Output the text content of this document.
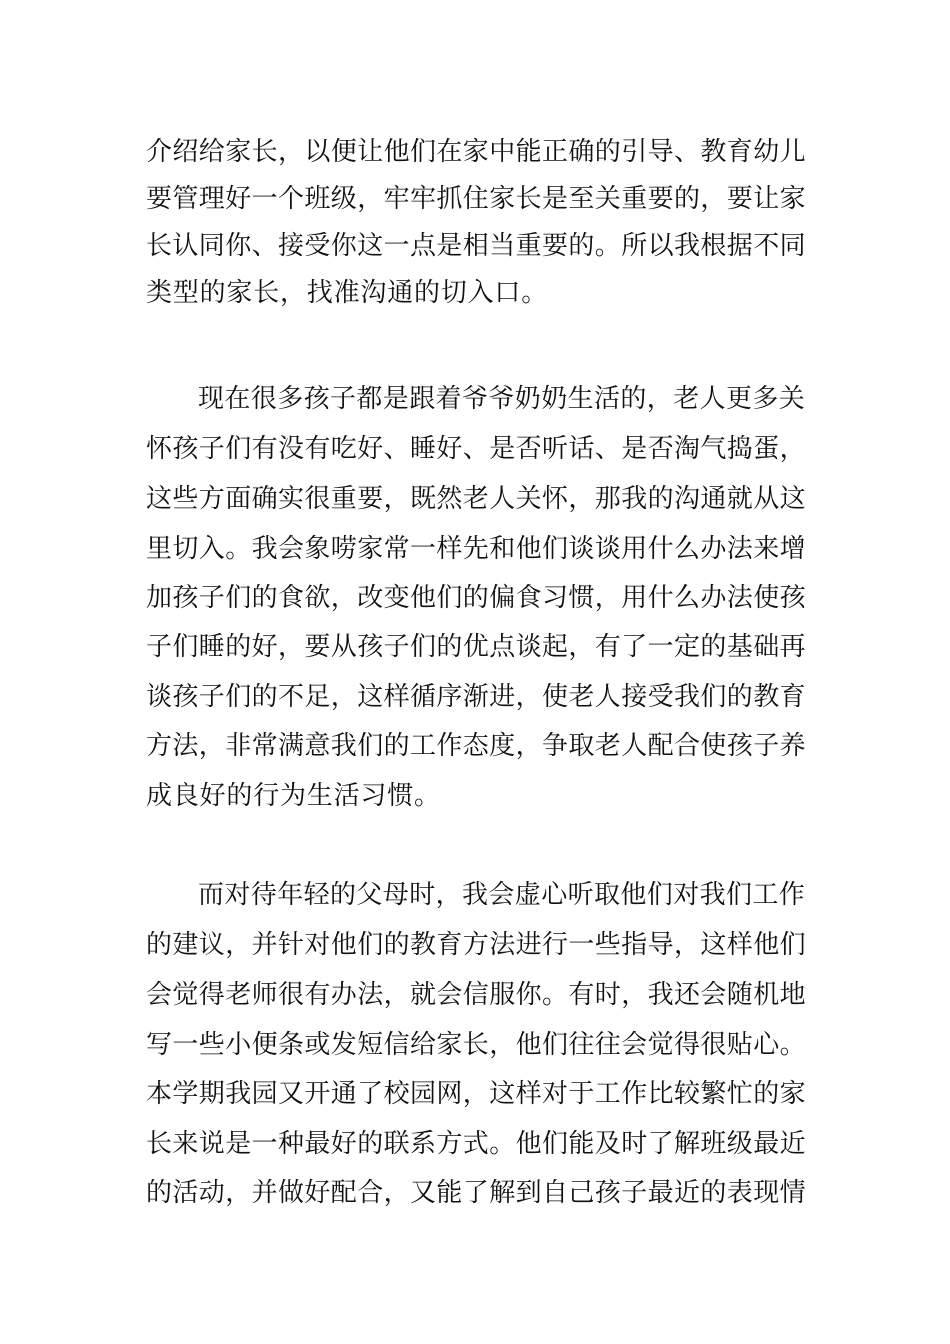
介绍给家长，以便让他们在家中能正确的引导、教育幼儿
要管理好一个班级，牢牢抓住家长是至关重要的，要让家
长认同你、接受你这一点是相当重要的。所以我根据不同
类型的家长，找准沟通的切入口。
现在很多孩子都是跟着爷爷奶奶生活的，老人更多关
怀孩子们有没有吃好、睡好、是否听话、是否淘气捣蛋，
这些方面确实很重要，既然老人关怀，那我的沟通就从这
里切入。我会象唠家常一样先和他们谈谈用什么办法来增
加孩子们的食欲，改变他们的偏食习惯，用什么办法使孩
子们睡的好，要从孩子们的优点谈起，有了一定的基础再
谈孩子们的不足，这样循序渐进，使老人接受我们的教育
方法，非常满意我们的工作态度，争取老人配合使孩子养
成良好的行为生活习惯。
而对待年轻的父母时，我会虚心听取他们对我们工作
的建议，并针对他们的教育方法进行一些指导，这样他们
会觉得老师很有办法，就会信服你。有时，我还会随机地
写一些小便条或发短信给家长，他们往往会觉得很贴心。
本学期我园又开通了校园网，这样对于工作比较繁忙的家
长来说是一种最好的联系方式。他们能及时了解班级最近
的活动，并做好配合，又能了解到自己孩子最近的表现情
